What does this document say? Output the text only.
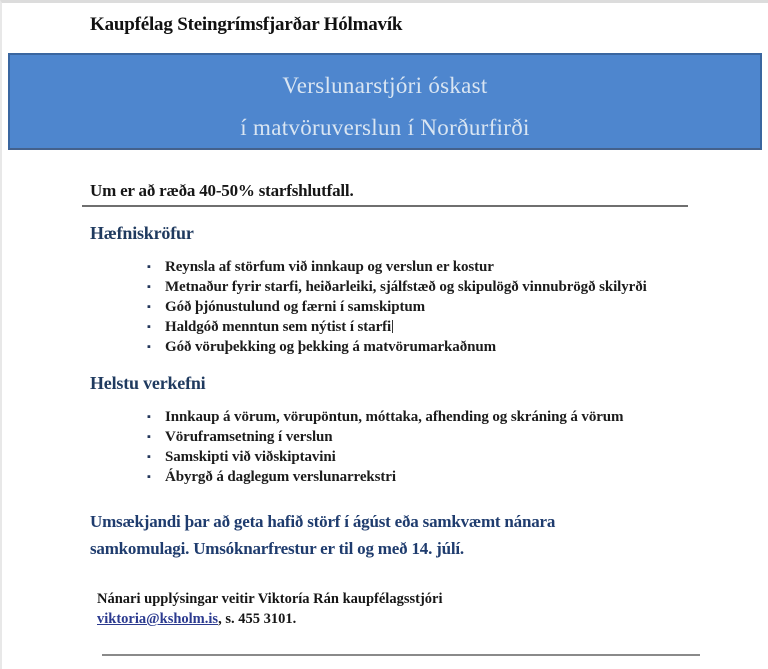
Kaupfélag Steingrímsfjarðar Hólmavík
Verslunarstjóri óskast
í matvöruverslun í Norðurfirði
Um er að ræða 40-50% starfshlutfall.
Hæfniskröfur
▪ Reynsla af störfum við innkaup og verslun er kostur
▪ Metnaður fyrir starfi, heiðarleiki, sjálfstæð og skipulögð vinnubrögð skilyrði
▪ Góð þjónustulund og færni í samskiptum
▪ Haldgóð menntun sem nýtist í starfi
▪ Góð vöruþekking og þekking á matvörumarkaðnum
Helstu verkefni
▪ Innkaup á vörum, vörupöntun, móttaka, afhending og skráning á vörum
▪ Vöruframsetning í verslun
▪ Samskipti við viðskiptavini
▪ Ábyrgð á daglegum verslunarrekstri
Umsækjandi þar að geta hafið störf í ágúst eða samkvæmt nánara samkomulagi. Umsóknarfrestur er til og með 14. júlí.
Nánari upplýsingar veitir Viktoría Rán kaupfélagsstjóri
viktoria@ksholm.is, s. 455 3101.
